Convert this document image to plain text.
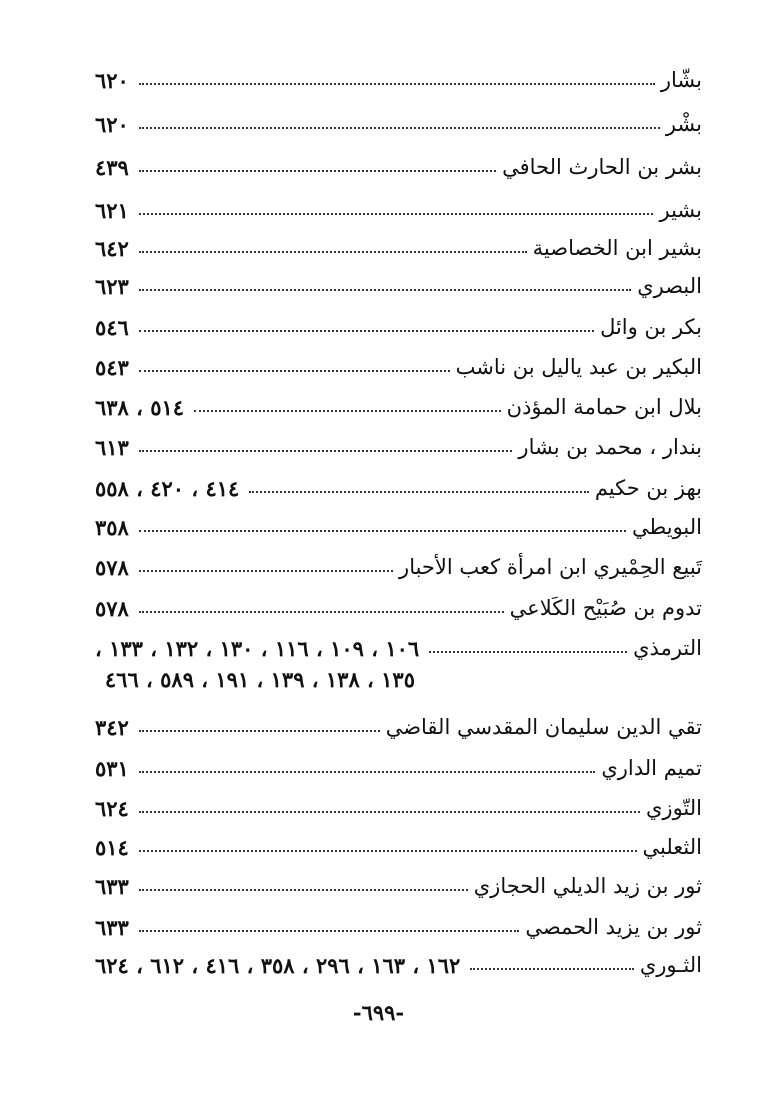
بشّار
٦٢٠
بشْر
٦٢٠
بشر بن الحارث الحافي
٤٣٩
بشير
٦٢١
بشير ابن الخصاصية
٦٤٢
البصري
٦٢٣
بكر بن وائل
٥٤٦
البكير بن عبد ياليل بن ناشب
٥٤٣
بلال ابن حمامة المؤذن
٥١٤ ، ٦٣٨
بندار ، محمد بن بشار
٦١٣
بهز بن حكيم
٤١٤ ، ٤٢٠ ، ٥٥٨
البويطي
٣٥٨
تَبيع الحِمْيري ابن امرأة كعب الأحبار
٥٧٨
تدوم بن صُبَيْح الكَلاعي
٥٧٨
الترمذي
١٠٦ ، ١٠٩ ، ١١٦ ، ١٣٠ ، ١٣٢ ، ١٣٣ ،
١٣٥ ، ١٣٨ ، ١٣٩ ، ١٩١ ، ٥٨٩ ، ٤٦٦
تقي الدين سليمان المقدسي القاضي
٣٤٢
تميم الداري
٥٣١
التّوزي
٦٢٤
الثعلبي
٥١٤
ثور بن زيد الديلي الحجازي
٦٣٣
ثور بن يزيد الحمصي
٦٣٣
الثـوري
١٦٢ ، ١٦٣ ، ٢٩٦ ، ٣٥٨ ، ٤١٦ ، ٦١٢ ، ٦٢٤
-٦٩٩-
